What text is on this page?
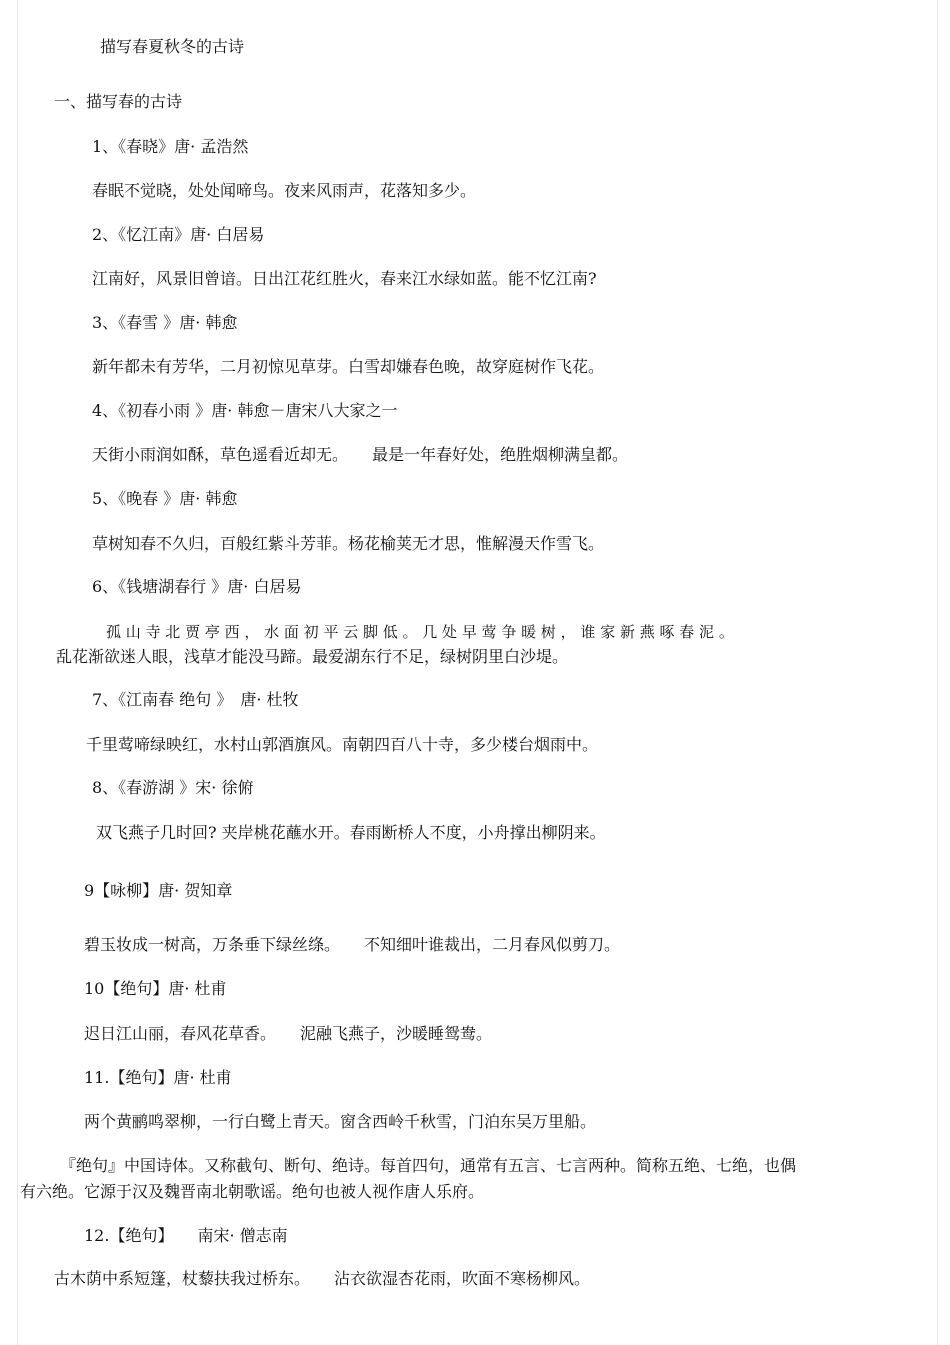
描写春夏秋冬的古诗
一、描写春的古诗
1、《春晓》唐· 孟浩然
春眠不觉晓，处处闻啼鸟。夜来风雨声，花落知多少。
2、《忆江南》唐· 白居易
江南好，风景旧曾谙。日出江花红胜火，春来江水绿如蓝。能不忆江南?
3、《春雪 》唐· 韩愈
新年都未有芳华，二月初惊见草芽。白雪却嫌春色晚，故穿庭树作飞花。
4、《初春小雨 》唐· 韩愈－唐宋八大家之一
天街小雨润如酥，草色遥看近却无。　　最是一年春好处，绝胜烟柳满皇都。
5、《晚春 》唐· 韩愈
草树知春不久归，百般红紫斗芳菲。杨花榆荚无才思，惟解漫天作雪飞。
6、《钱塘湖春行 》唐· 白居易
孤 山 寺 北 贾 亭 西 ， 水 面 初 平 云 脚 低 。 几 处 早 莺 争 暖 树 ， 谁 家 新 燕 啄 春 泥 。
乱花渐欲迷人眼，浅草才能没马蹄。最爱湖东行不足，绿树阴里白沙堤。
7、《江南春 绝句 》　唐· 杜牧
千里莺啼绿映红，水村山郭酒旗风。南朝四百八十寺，多少楼台烟雨中。
8、《春游湖 》宋· 徐俯
双飞燕子几时回? 夹岸桃花蘸水开。春雨断桥人不度，小舟撑出柳阴来。
9【咏柳】唐· 贺知章
碧玉妆成一树高，万条垂下绿丝绦。　　不知细叶谁裁出，二月春风似剪刀。
10【绝句】唐· 杜甫
迟日江山丽，春风花草香。　　泥融飞燕子，沙暖睡鸳鸯。
11.【绝句】唐· 杜甫
两个黄鹂鸣翠柳，一行白鹭上青天。窗含西岭千秋雪，门泊东吴万里船。
『绝句』中国诗体。又称截句、断句、绝诗。每首四句，通常有五言、七言两种。简称五绝、七绝，也偶
有六绝。它源于汉及魏晋南北朝歌谣。绝句也被人视作唐人乐府。
12.【绝句】　　南宋· 僧志南
古木荫中系短篷，杖藜扶我过桥东。　　沾衣欲湿杏花雨，吹面不寒杨柳风。
